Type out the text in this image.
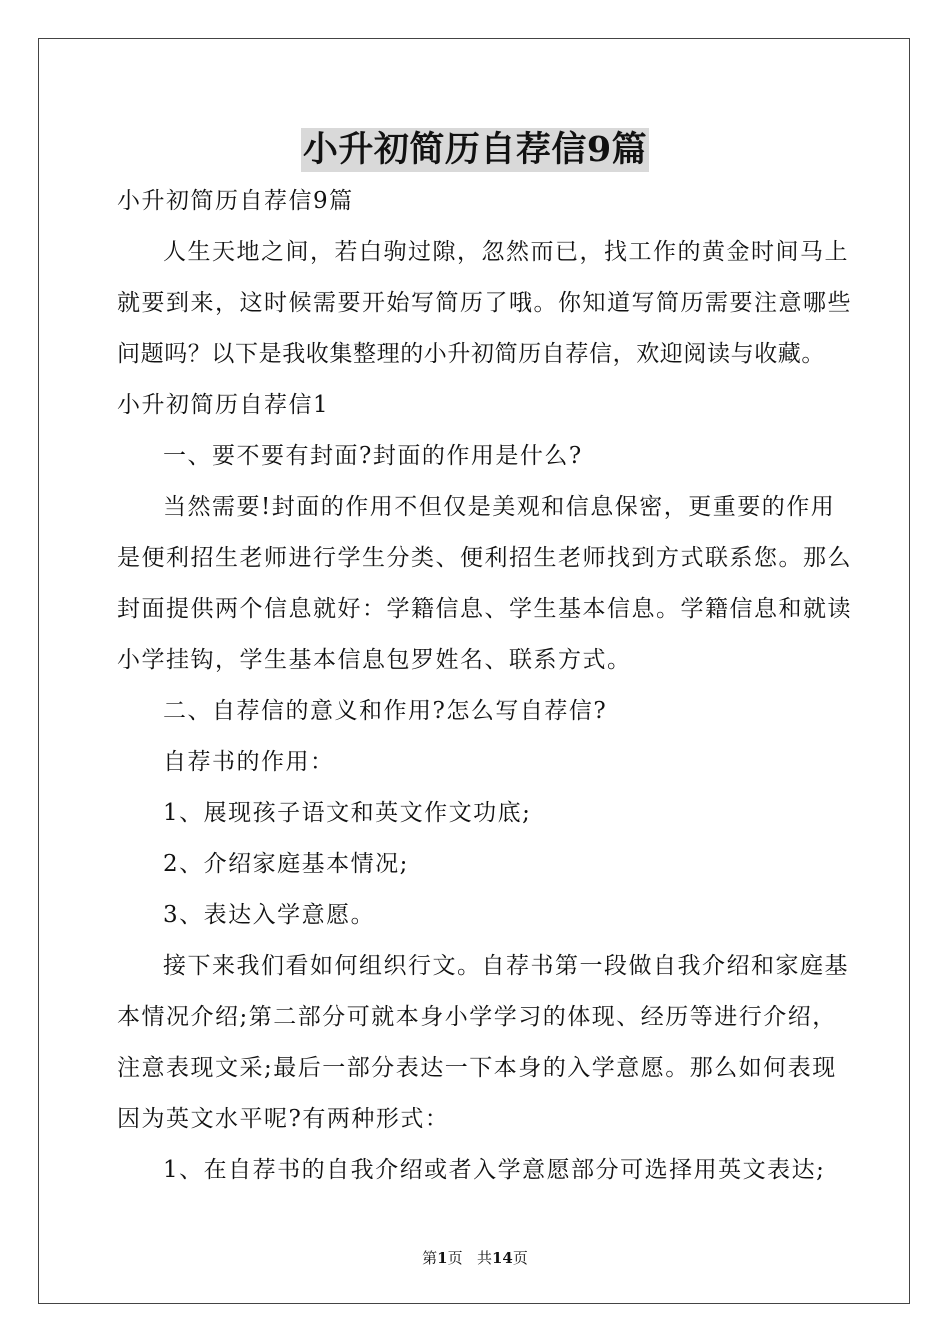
小升初简历自荐信9篇
小升初简历自荐信9篇
人生天地之间，若白驹过隙，忽然而已，找工作的黄金时间马上
就要到来，这时候需要开始写简历了哦。你知道写简历需要注意哪些
问题吗？以下是我收集整理的小升初简历自荐信，欢迎阅读与收藏。
小升初简历自荐信1
一、要不要有封面?封面的作用是什么?
当然需要!封面的作用不但仅是美观和信息保密，更重要的作用
是便利招生老师进行学生分类、便利招生老师找到方式联系您。那么
封面提供两个信息就好：学籍信息、学生基本信息。学籍信息和就读
小学挂钩，学生基本信息包罗姓名、联系方式。
二、自荐信的意义和作用?怎么写自荐信?
自荐书的作用：
1、展现孩子语文和英文作文功底;
2、介绍家庭基本情况;
3、表达入学意愿。
接下来我们看如何组织行文。自荐书第一段做自我介绍和家庭基
本情况介绍;第二部分可就本身小学学习的体现、经历等进行介绍，
注意表现文采;最后一部分表达一下本身的入学意愿。那么如何表现
因为英文水平呢?有两种形式：
1、在自荐书的自我介绍或者入学意愿部分可选择用英文表达;
第1页 共14页
